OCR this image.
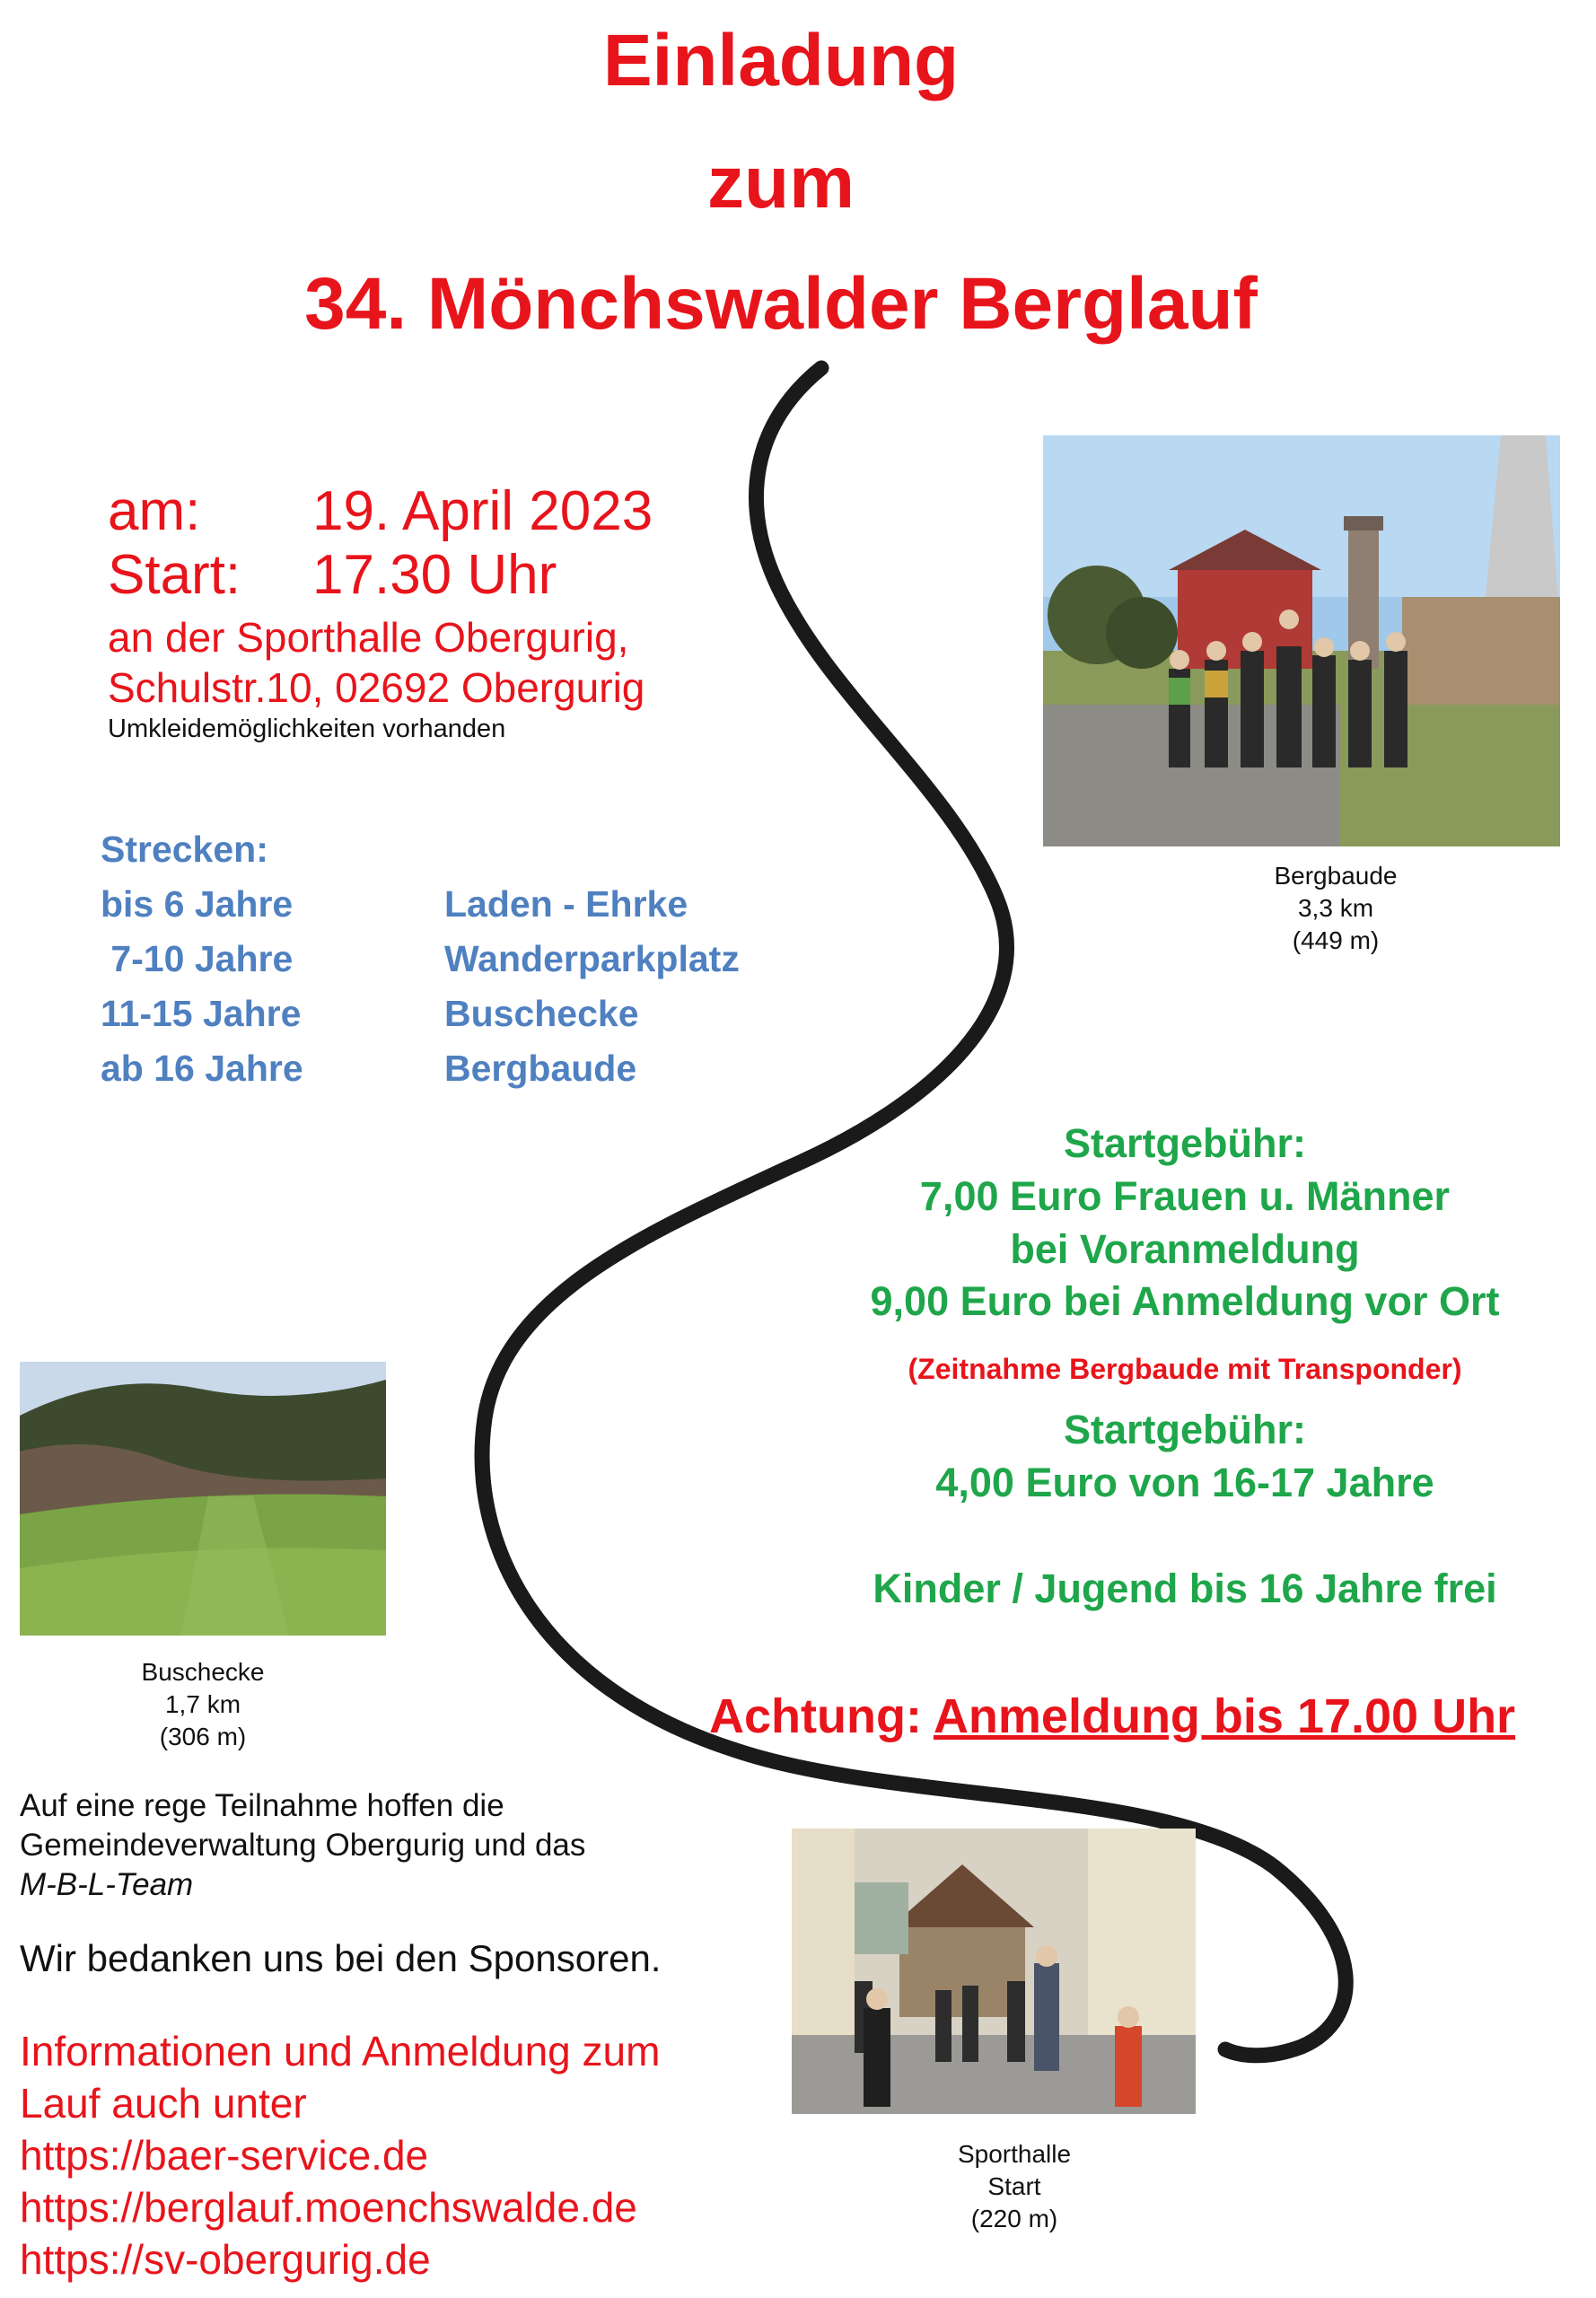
Einladung
zum
34. Mönchswalder Berglauf
am: 19. April 2023
Start: 17.30 Uhr
an der Sporthalle Obergurig,
Schulstr.10, 02692 Obergurig
Umkleidemöglichkeiten vorhanden
Strecken:
bis 6 Jahre	Laden - Ehrke
7-10 Jahre	Wanderparkplatz
11-15 Jahre	Buschecke
ab 16 Jahre	Bergbaude
Bergbaude
3,3 km
(449 m)
Buschecke
1,7 km
(306 m)
Sporthalle
Start
(220 m)
Startgebühr:
7,00 Euro Frauen u. Männer
bei Voranmeldung
9,00 Euro bei Anmeldung vor Ort
(Zeitnahme Bergbaude mit Transponder)
Startgebühr:
4,00 Euro von 16-17 Jahre
Kinder / Jugend bis 16 Jahre frei
Achtung: Anmeldung bis 17.00 Uhr
Auf eine rege Teilnahme hoffen die
Gemeindeverwaltung Obergurig und das
M-B-L-Team
Wir bedanken uns bei den Sponsoren.
Informationen und Anmeldung zum
Lauf auch unter
https://baer-service.de
https://berglauf.moenchswalde.de
https://sv-obergurig.de
